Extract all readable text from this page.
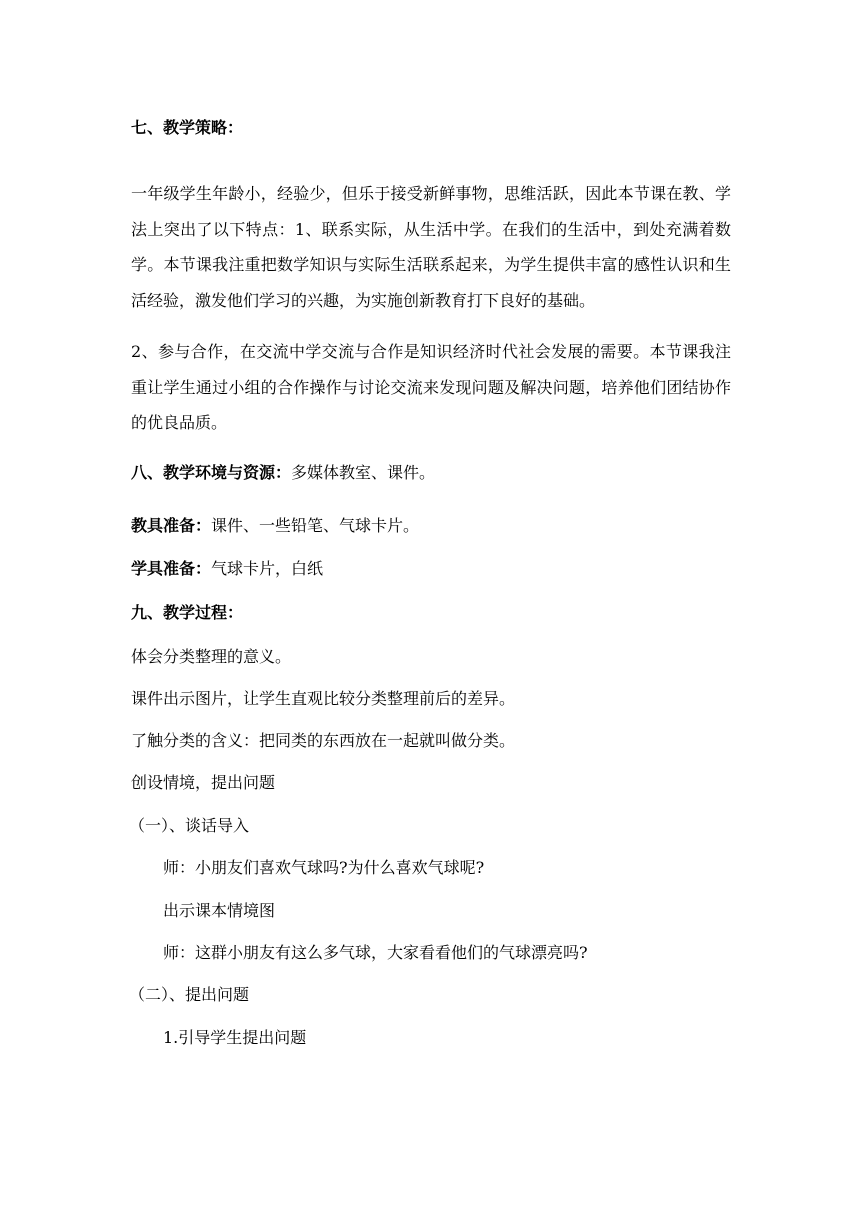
七、教学策略：
一年级学生年龄小，经验少，但乐于接受新鲜事物，思维活跃，因此本节课在教、学法上突出了以下特点：1、联系实际，从生活中学。在我们的生活中，到处充满着数学。本节课我注重把数学知识与实际生活联系起来，为学生提供丰富的感性认识和生活经验，激发他们学习的兴趣，为实施创新教育打下良好的基础。
2、参与合作，在交流中学交流与合作是知识经济时代社会发展的需要。本节课我注重让学生通过小组的合作操作与讨论交流来发现问题及解决问题，培养他们团结协作的优良品质。
八、教学环境与资源：多媒体教室、课件。
教具准备：课件、一些铅笔、气球卡片。
学具准备：气球卡片，白纸
九、教学过程：
体会分类整理的意义。
课件出示图片，让学生直观比较分类整理前后的差异。
了触分类的含义：把同类的东西放在一起就叫做分类。
创设情境，提出问题
（一）、谈话导入
师：小朋友们喜欢气球吗?为什么喜欢气球呢?
出示课本情境图
师：这群小朋友有这么多气球，大家看看他们的气球漂亮吗?
（二）、提出问题
1.引导学生提出问题
